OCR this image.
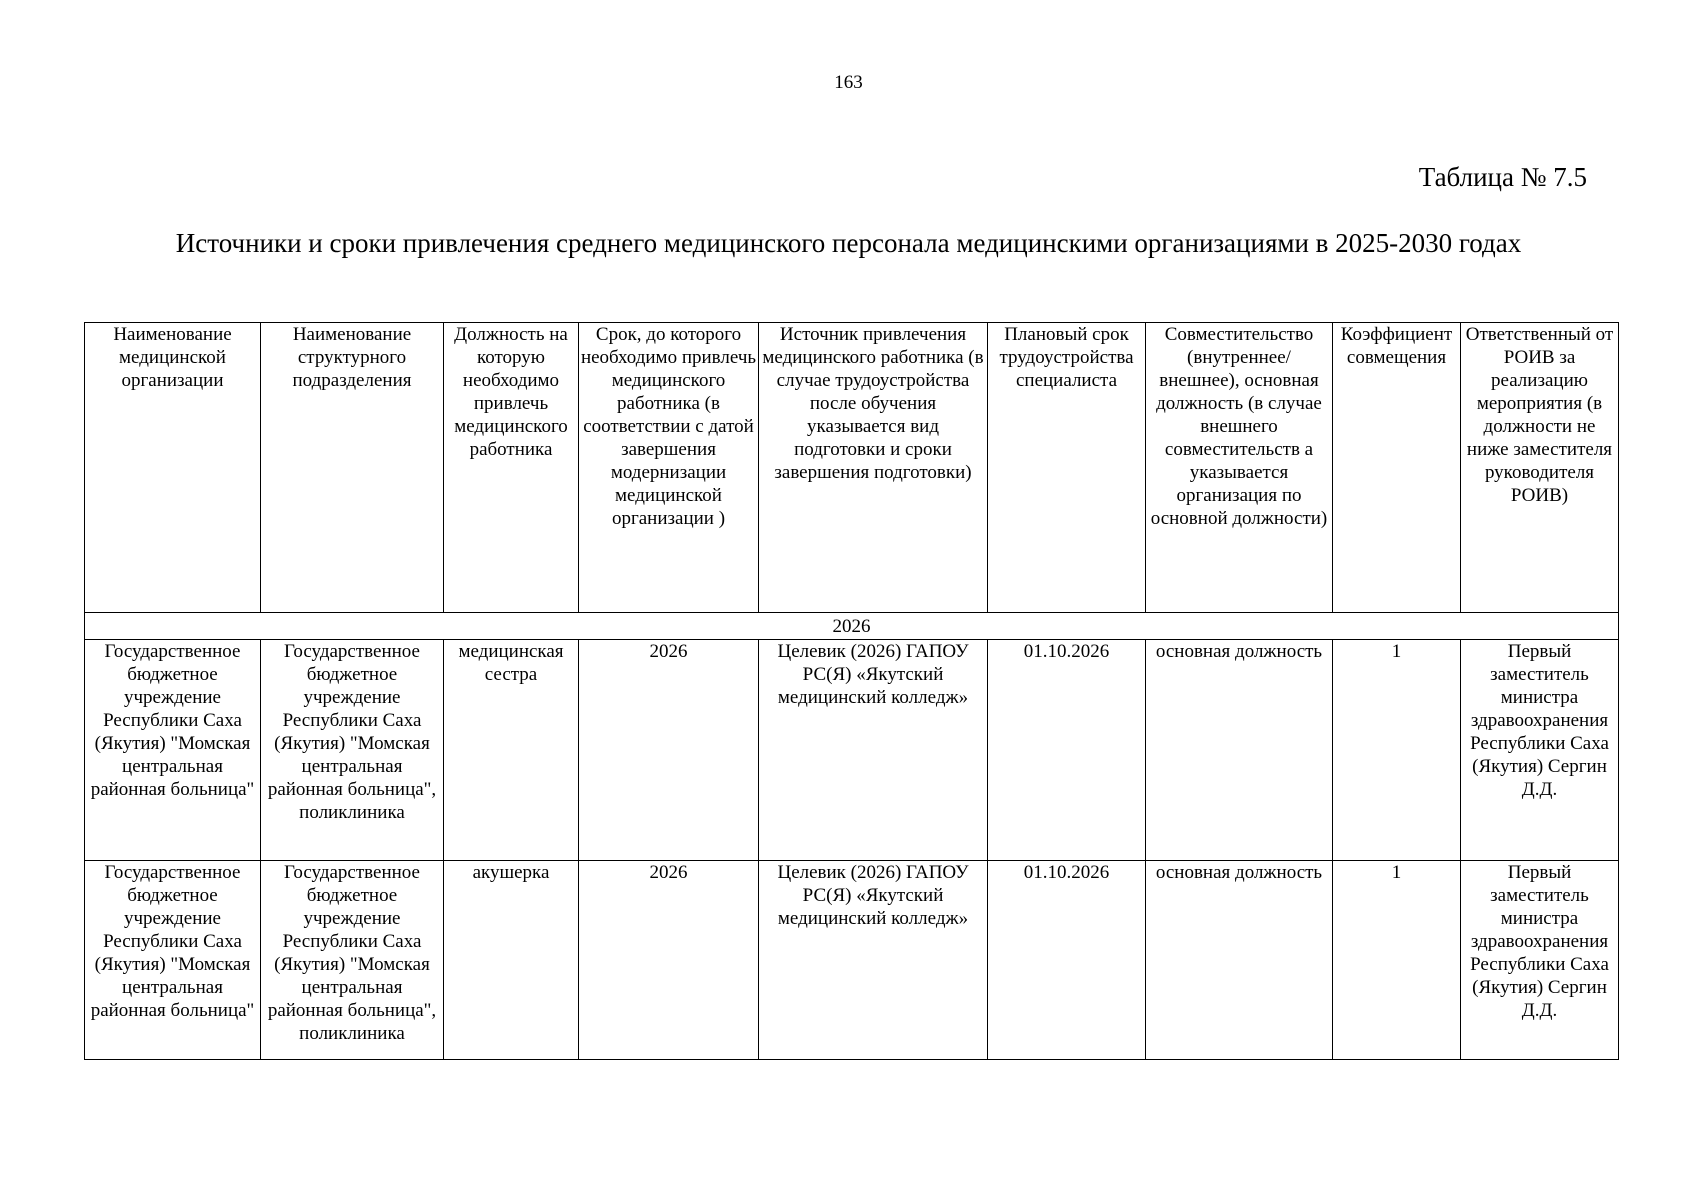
163
Таблица № 7.5
Источники и сроки привлечения среднего медицинского персонала медицинскими организациями в 2025-2030 годах
Наименование медицинской организации	Наименование структурного подразделения	Должность на которую необходимо привлечь медицинского работника	Срок, до которого необходимо привлечь медицинского работника (в соответствии с датой завершения модернизации медицинской организации )	Источник привлечения медицинского работника (в случае трудоустройства после обучения указывается вид подготовки и сроки завершения подготовки)	Плановый срок трудоустройства специалиста	Совместительство (внутреннее/ внешнее), основная должность (в случае внешнего совместительств а указывается организация по основной должности)	Коэффициент совмещения	Ответственный от РОИВ за реализацию мероприятия (в должности не ниже заместителя руководителя РОИВ)
2026								
Государственное бюджетное учреждение Республики Саха (Якутия) "Момская центральная районная больница"	Государственное бюджетное учреждение Республики Саха (Якутия) "Момская центральная районная больница", поликлиника	медицинская сестра	2026	Целевик (2026) ГАПОУ РС(Я) «Якутский медицинский колледж»	01.10.2026	основная должность	1	Первый заместитель министра здравоохранения Республики Саха (Якутия) Сергин Д.Д.
Государственное бюджетное учреждение Республики Саха (Якутия) "Момская центральная районная больница"	Государственное бюджетное учреждение Республики Саха (Якутия) "Момская центральная районная больница", поликлиника	акушерка	2026	Целевик (2026) ГАПОУ РС(Я) «Якутский медицинский колледж»	01.10.2026	основная должность	1	Первый заместитель министра здравоохранения Республики Саха (Якутия) Сергин Д.Д.
